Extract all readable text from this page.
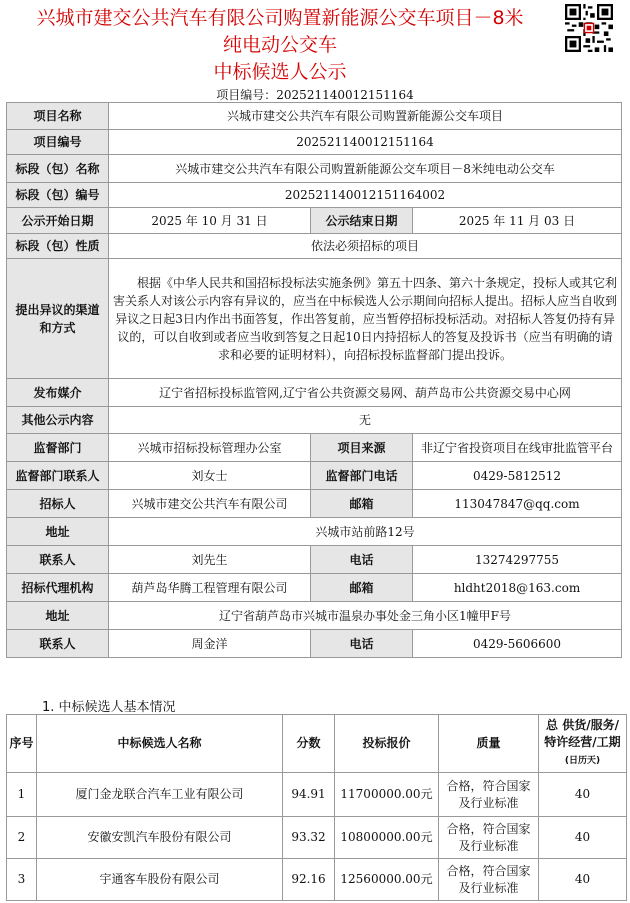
兴城市建交公共汽车有限公司购置新能源公交车项目－8米
纯电动公交车
中标候选人公示
项目编号：202521140012151164
项目名称	兴城市建交公共汽车有限公司购置新能源公交车项目		
项目编号	202521140012151164		
标段（包）名称	兴城市建交公共汽车有限公司购置新能源公交车项目－8米纯电动公交车		
标段（包）编号	202521140012151164002		
公示开始日期	2025 年 10 月 31 日	公示结束日期	2025 年 11 月 03 日
标段（包）性质	依法必须招标的项目		
提出异议的渠道和方式	根据《中华人民共和国招标投标法实施条例》第五十四条、第六十条规定，投标人或其它利害关系人对该公示内容有异议的，应当在中标候选人公示期间向招标人提出。招标人应当自收到异议之日起3日内作出书面答复，作出答复前，应当暂停招标投标活动。对招标人答复仍持有异议的，可以自收到或者应当收到答复之日起10日内持招标人的答复及投诉书（应当有明确的请求和必要的证明材料），向招标投标监督部门提出投诉。		
发布媒介	辽宁省招标投标监管网,辽宁省公共资源交易网、葫芦岛市公共资源交易中心网		
其他公示内容	无		
监督部门	兴城市招标投标管理办公室	项目来源	非辽宁省投资项目在线审批监管平台
监督部门联系人	刘女士	监督部门电话	0429-5812512
招标人	兴城市建交公共汽车有限公司	邮箱	113047847@qq.com
地址	兴城市站前路12号		
联系人	刘先生	电话	13274297755
招标代理机构	葫芦岛华腾工程管理有限公司	邮箱	hldht2018@163.com
地址	辽宁省葫芦岛市兴城市温泉办事处金三角小区1幢甲F号		
联系人	周金洋	电话	0429-5606600
1. 中标候选人基本情况
序号	中标候选人名称	分数	投标报价	质量	总 供货/服务/特许经营/工期
(日历天)
1	厦门金龙联合汽车工业有限公司	94.91	11700000.00元	合格，符合国家及行业标准	40
2	安徽安凯汽车股份有限公司	93.32	10800000.00元	合格，符合国家及行业标准	40
3	宇通客车股份有限公司	92.16	12560000.00元	合格，符合国家及行业标准	40
